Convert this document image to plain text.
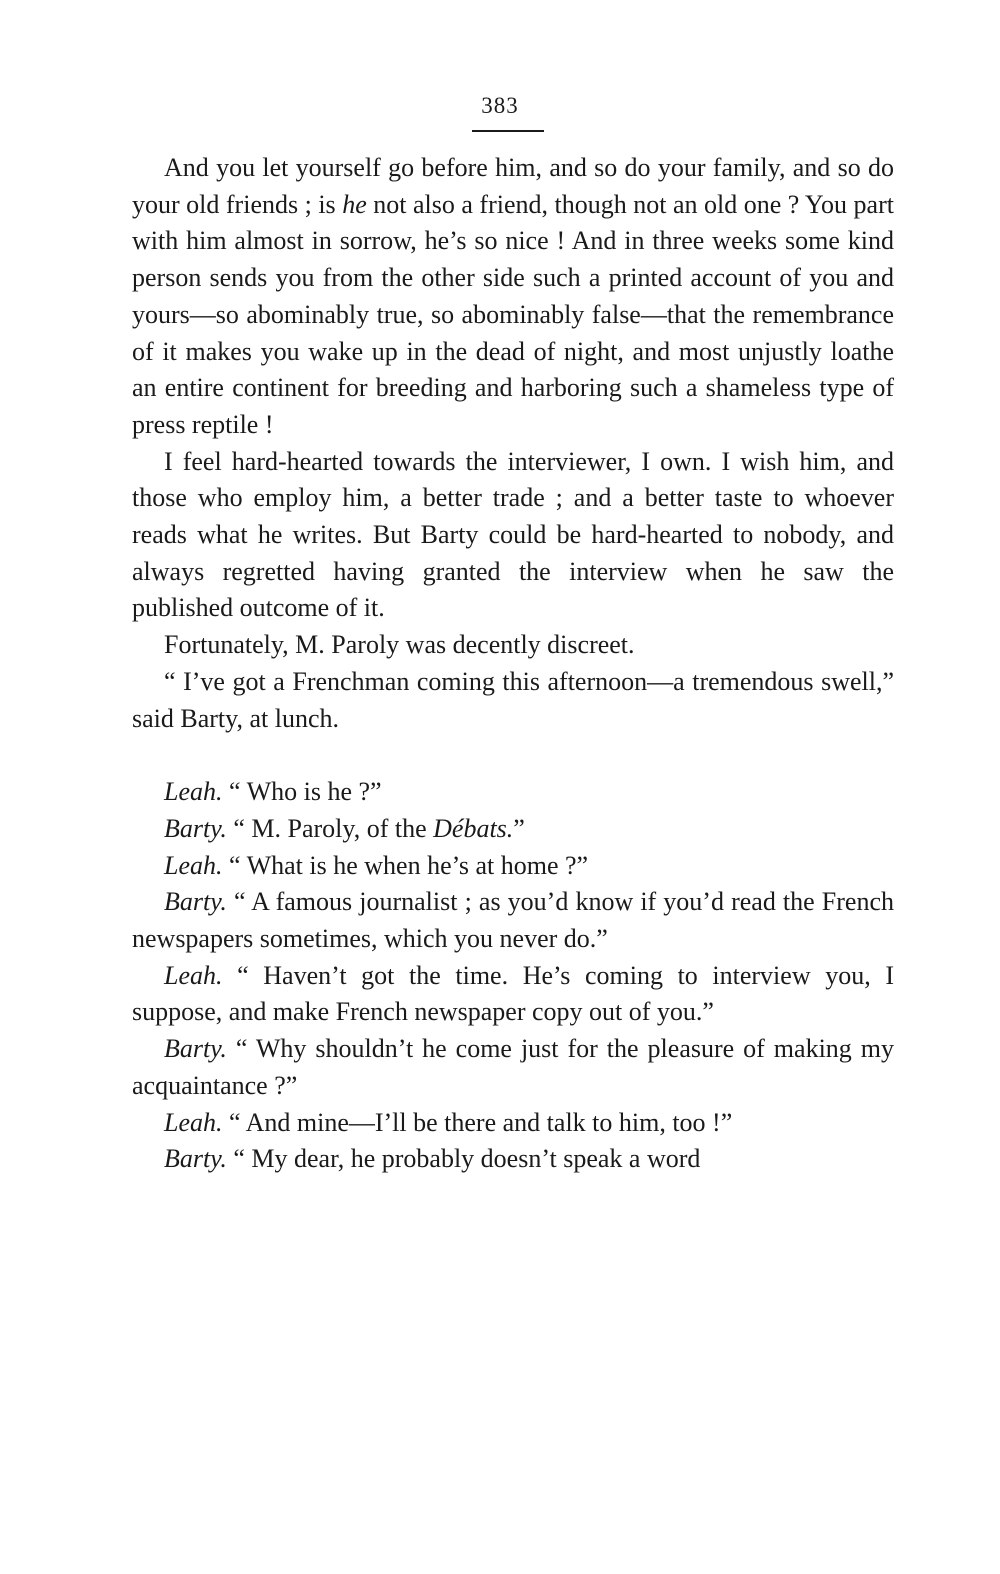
383

And you let yourself go before him, and so do your family, and so do your old friends ; is he not also a friend, though not an old one ? You part with him almost in sorrow, he’s so nice ! And in three weeks some kind person sends you from the other side such a printed account of you and yours—so abominably true, so abominably false—that the remembrance of it makes you wake up in the dead of night, and most unjustly loathe an entire continent for breeding and harboring such a shameless type of press reptile !

I feel hard-hearted towards the interviewer, I own. I wish him, and those who employ him, a better trade ; and a better taste to whoever reads what he writes. But Barty could be hard-hearted to nobody, and always regretted having granted the interview when he saw the published outcome of it.

Fortunately, M. Paroly was decently discreet.

“ I’ve got a Frenchman coming this afternoon—a tremendous swell,” said Barty, at lunch.

Leah. “ Who is he ?”

Barty. “ M. Paroly, of the Débats.”

Leah. “ What is he when he’s at home ?”

Barty. “ A famous journalist ; as you’d know if you’d read the French newspapers sometimes, which you never do.”

Leah. “ Haven’t got the time. He’s coming to interview you, I suppose, and make French newspaper copy out of you.”

Barty. “ Why shouldn’t he come just for the pleasure of making my acquaintance ?”

Leah. “ And mine—I’ll be there and talk to him, too !”

Barty. “ My dear, he probably doesn’t speak a word
